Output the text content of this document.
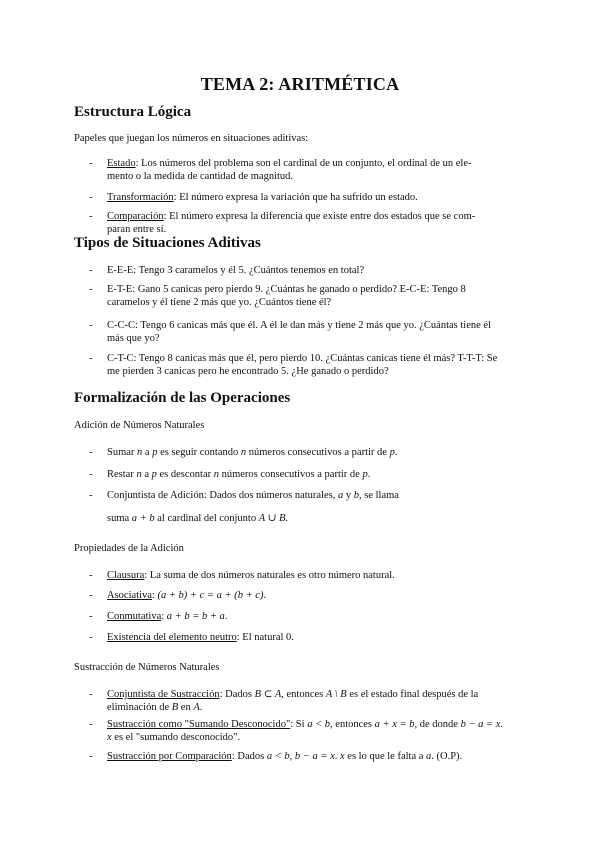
TEMA 2: ARITMÉTICA
Estructura Lógica
Papeles que juegan los números en situaciones aditivas:
- Estado: Los números del problema son el cardinal de un conjunto, el ordinal de un ele-
mento o la medida de cantidad de magnitud.
- Transformación: El número expresa la variación que ha sufrido un estado.
- Comparación: El número expresa la diferencia que existe entre dos estados que se com-
paran entre sí.
Tipos de Situaciones Aditivas
- E-E-E: Tengo 3 caramelos y él 5. ¿Cuántos tenemos en total?
- E-T-E: Gano 5 canicas pero pierdo 9. ¿Cuántas he ganado o perdido? E-C-E: Tengo 8
caramelos y él tiene 2 más que yo. ¿Cuántos tiene él?
- C-C-C: Tengo 6 canicas más que él. A él le dan más y tiene 2 más que yo. ¿Cuántas tiene él
más que yo?
- C-T-C: Tengo 8 canicas más que él, pero pierdo 10. ¿Cuántas canicas tiene él más? T-T-T: Se
me pierden 3 canicas pero he encontrado 5. ¿He ganado o perdido?
Formalización de las Operaciones
Adición de Números Naturales
- Sumar n a p es seguir contando n números consecutivos a partir de p.
- Restar n a p es descontar n números consecutivos a partir de p.
- Conjuntista de Adición: Dados dos números naturales, a y b, se llama
suma a + b al cardinal del conjunto A ∪ B.
Propiedades de la Adición
- Clausura: La suma de dos números naturales es otro número natural.
- Asociativa: (a + b) + c = a + (b + c).
- Conmutativa: a + b = b + a.
- Existencia del elemento neutro: El natural 0.
Sustracción de Números Naturales
- Conjuntista de Sustracción: Dados B ⊂ A, entonces A \ B es el estado final después de la
eliminación de B en A.
- Sustracción como "Sumando Desconocido": Si a < b, entonces a + x = b, de donde b − a = x.
x es el "sumando desconocido".
- Sustracción por Comparación: Dados a < b, b − a = x. x es lo que le falta a a. (O.P).
